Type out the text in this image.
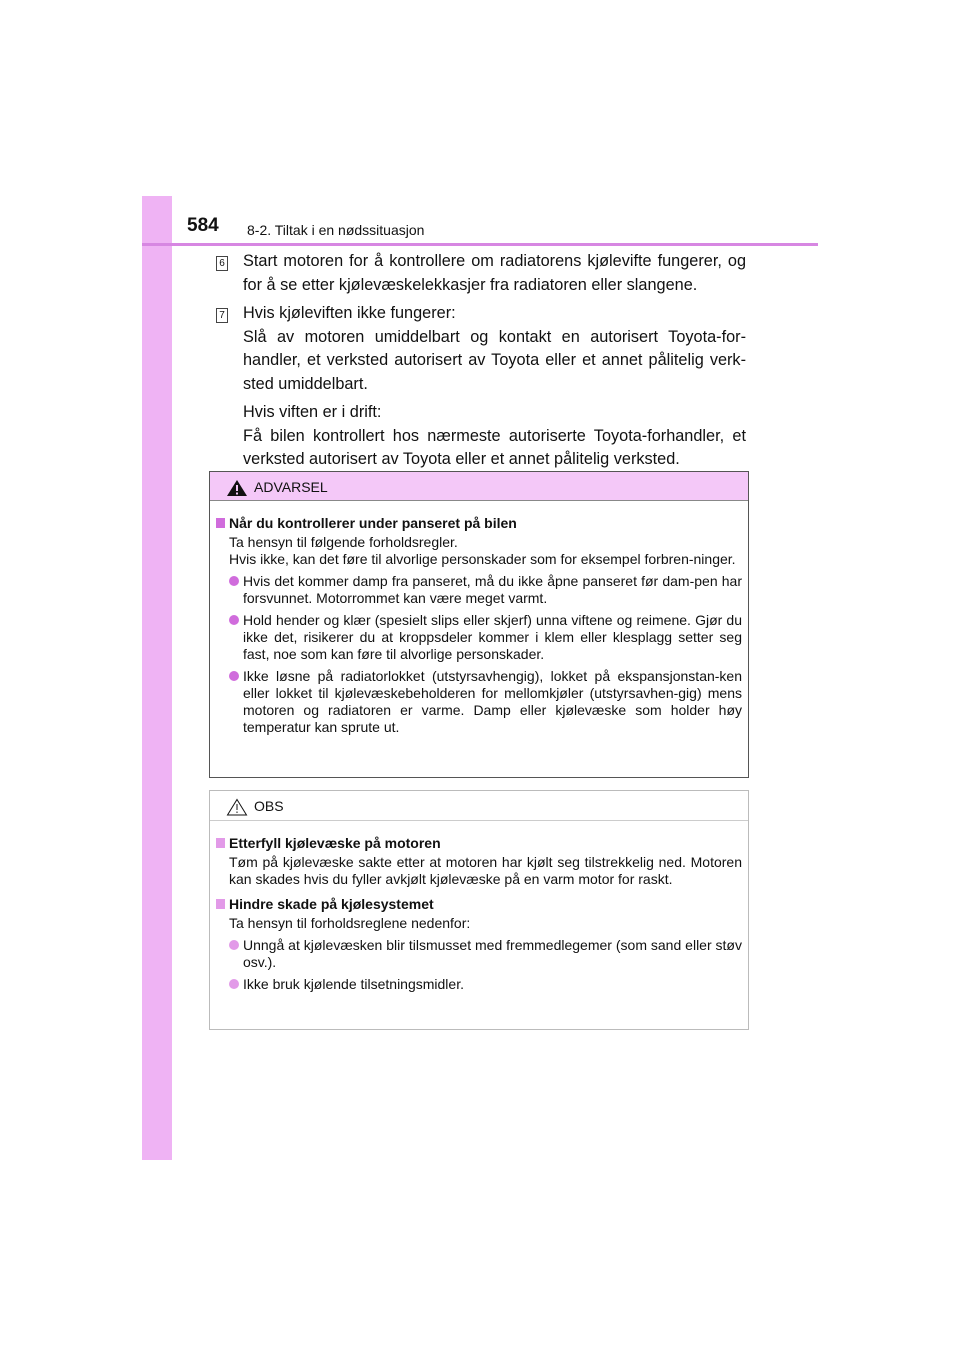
584 8-2. Tiltak i en nødssituasjon
6 Start motoren for å kontrollere om radiatorens kjølevifte fungerer, og for å se etter kjølevæskelekkasjer fra radiatoren eller slangene.

7 Hvis kjøleviften ikke fungerer:

Slå av motoren umiddelbart og kontakt en autorisert Toyota-for-handler, et verksted autorisert av Toyota eller et annet pålitelig verk-sted umiddelbart.

Hvis viften er i drift:

Få bilen kontrollert hos nærmeste autoriserte Toyota-forhandler, et verksted autorisert av Toyota eller et annet pålitelig verksted.

ADVARSEL
Når du kontrollerer under panseret på bilen

Ta hensyn til følgende forholdsregler.

Hvis ikke, kan det føre til alvorlige personskader som for eksempel forbren-ninger.

Hvis det kommer damp fra panseret, må du ikke åpne panseret før dam-pen har forsvunnet. Motorrommet kan være meget varmt.
Hold hender og klær (spesielt slips eller skjerf) unna viftene og reimene. Gjør du ikke det, risikerer du at kroppsdeler kommer i klem eller klesplagg setter seg fast, noe som kan føre til alvorlige personskader.
Ikke løsne på radiatorlokket (utstyrsavhengig), lokket på ekspansjonstan-ken eller lokket til kjølevæskebeholderen for mellomkjøler (utstyrsavhen-gig) mens motoren og radiatoren er varme. Damp eller kjølevæske som holder høy temperatur kan sprute ut.
OBS
Etterfyll kjølevæske på motoren

Tøm på kjølevæske sakte etter at motoren har kjølt seg tilstrekkelig ned. Motoren kan skades hvis du fyller avkjølt kjølevæske på en varm motor for raskt.

Hindre skade på kjølesystemet

Ta hensyn til forholdsreglene nedenfor:

Unngå at kjølevæsken blir tilsmusset med fremmedlegemer (som sand eller støv osv.).
Ikke bruk kjølende tilsetningsmidler.
